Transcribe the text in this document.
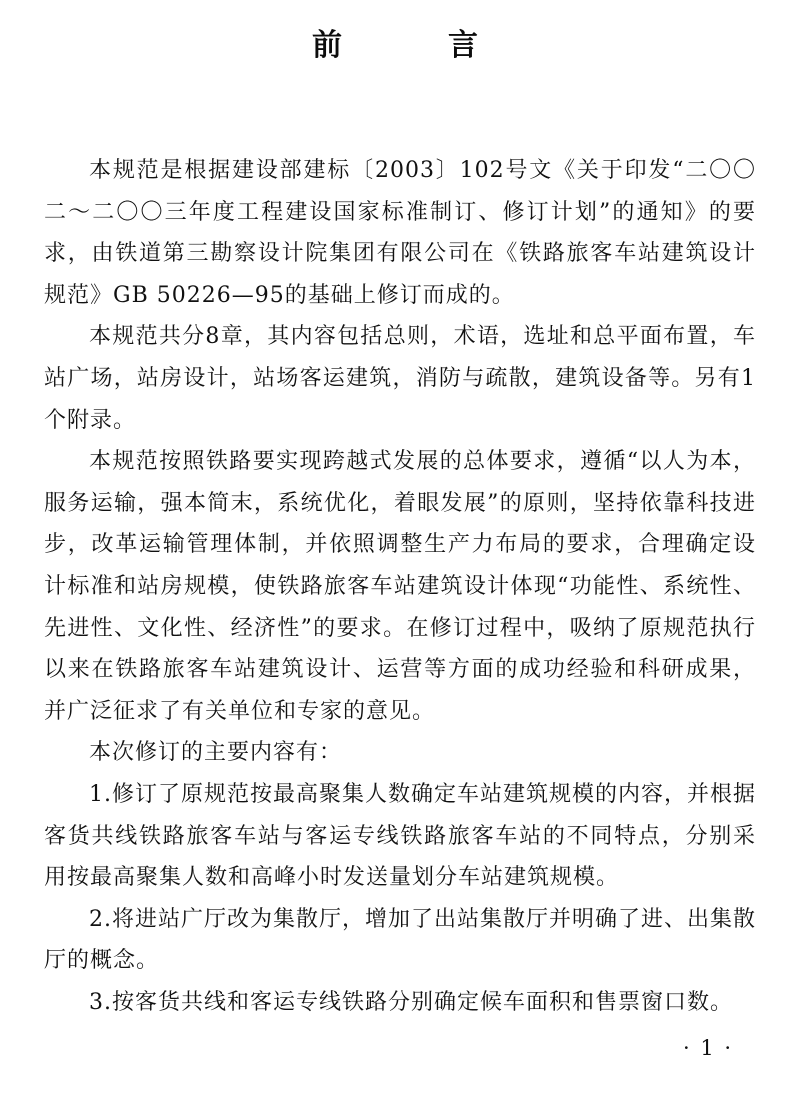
前　言

本规范是根据建设部建标〔2003〕102号文《关于印发“二〇〇二～二〇〇三年度工程建设国家标准制订、修订计划”的通知》的要求，由铁道第三勘察设计院集团有限公司在《铁路旅客车站建筑设计规范》GB 50226—95的基础上修订而成的。

本规范共分8章，其内容包括总则，术语，选址和总平面布置，车站广场，站房设计，站场客运建筑，消防与疏散，建筑设备等。另有1个附录。

本规范按照铁路要实现跨越式发展的总体要求，遵循“以人为本，服务运输，强本简末，系统优化，着眼发展”的原则，坚持依靠科技进步，改革运输管理体制，并依照调整生产力布局的要求，合理确定设计标准和站房规模，使铁路旅客车站建筑设计体现“功能性、系统性、先进性、文化性、经济性”的要求。在修订过程中，吸纳了原规范执行以来在铁路旅客车站建筑设计、运营等方面的成功经验和科研成果，并广泛征求了有关单位和专家的意见。

本次修订的主要内容有：

1.修订了原规范按最高聚集人数确定车站建筑规模的内容，并根据客货共线铁路旅客车站与客运专线铁路旅客车站的不同特点，分别采用按最高聚集人数和高峰小时发送量划分车站建筑规模。

2.将进站广厅改为集散厅，增加了出站集散厅并明确了进、出集散厅的概念。

3.按客货共线和客运专线铁路分别确定候车面积和售票窗口数。

· 1 ·
